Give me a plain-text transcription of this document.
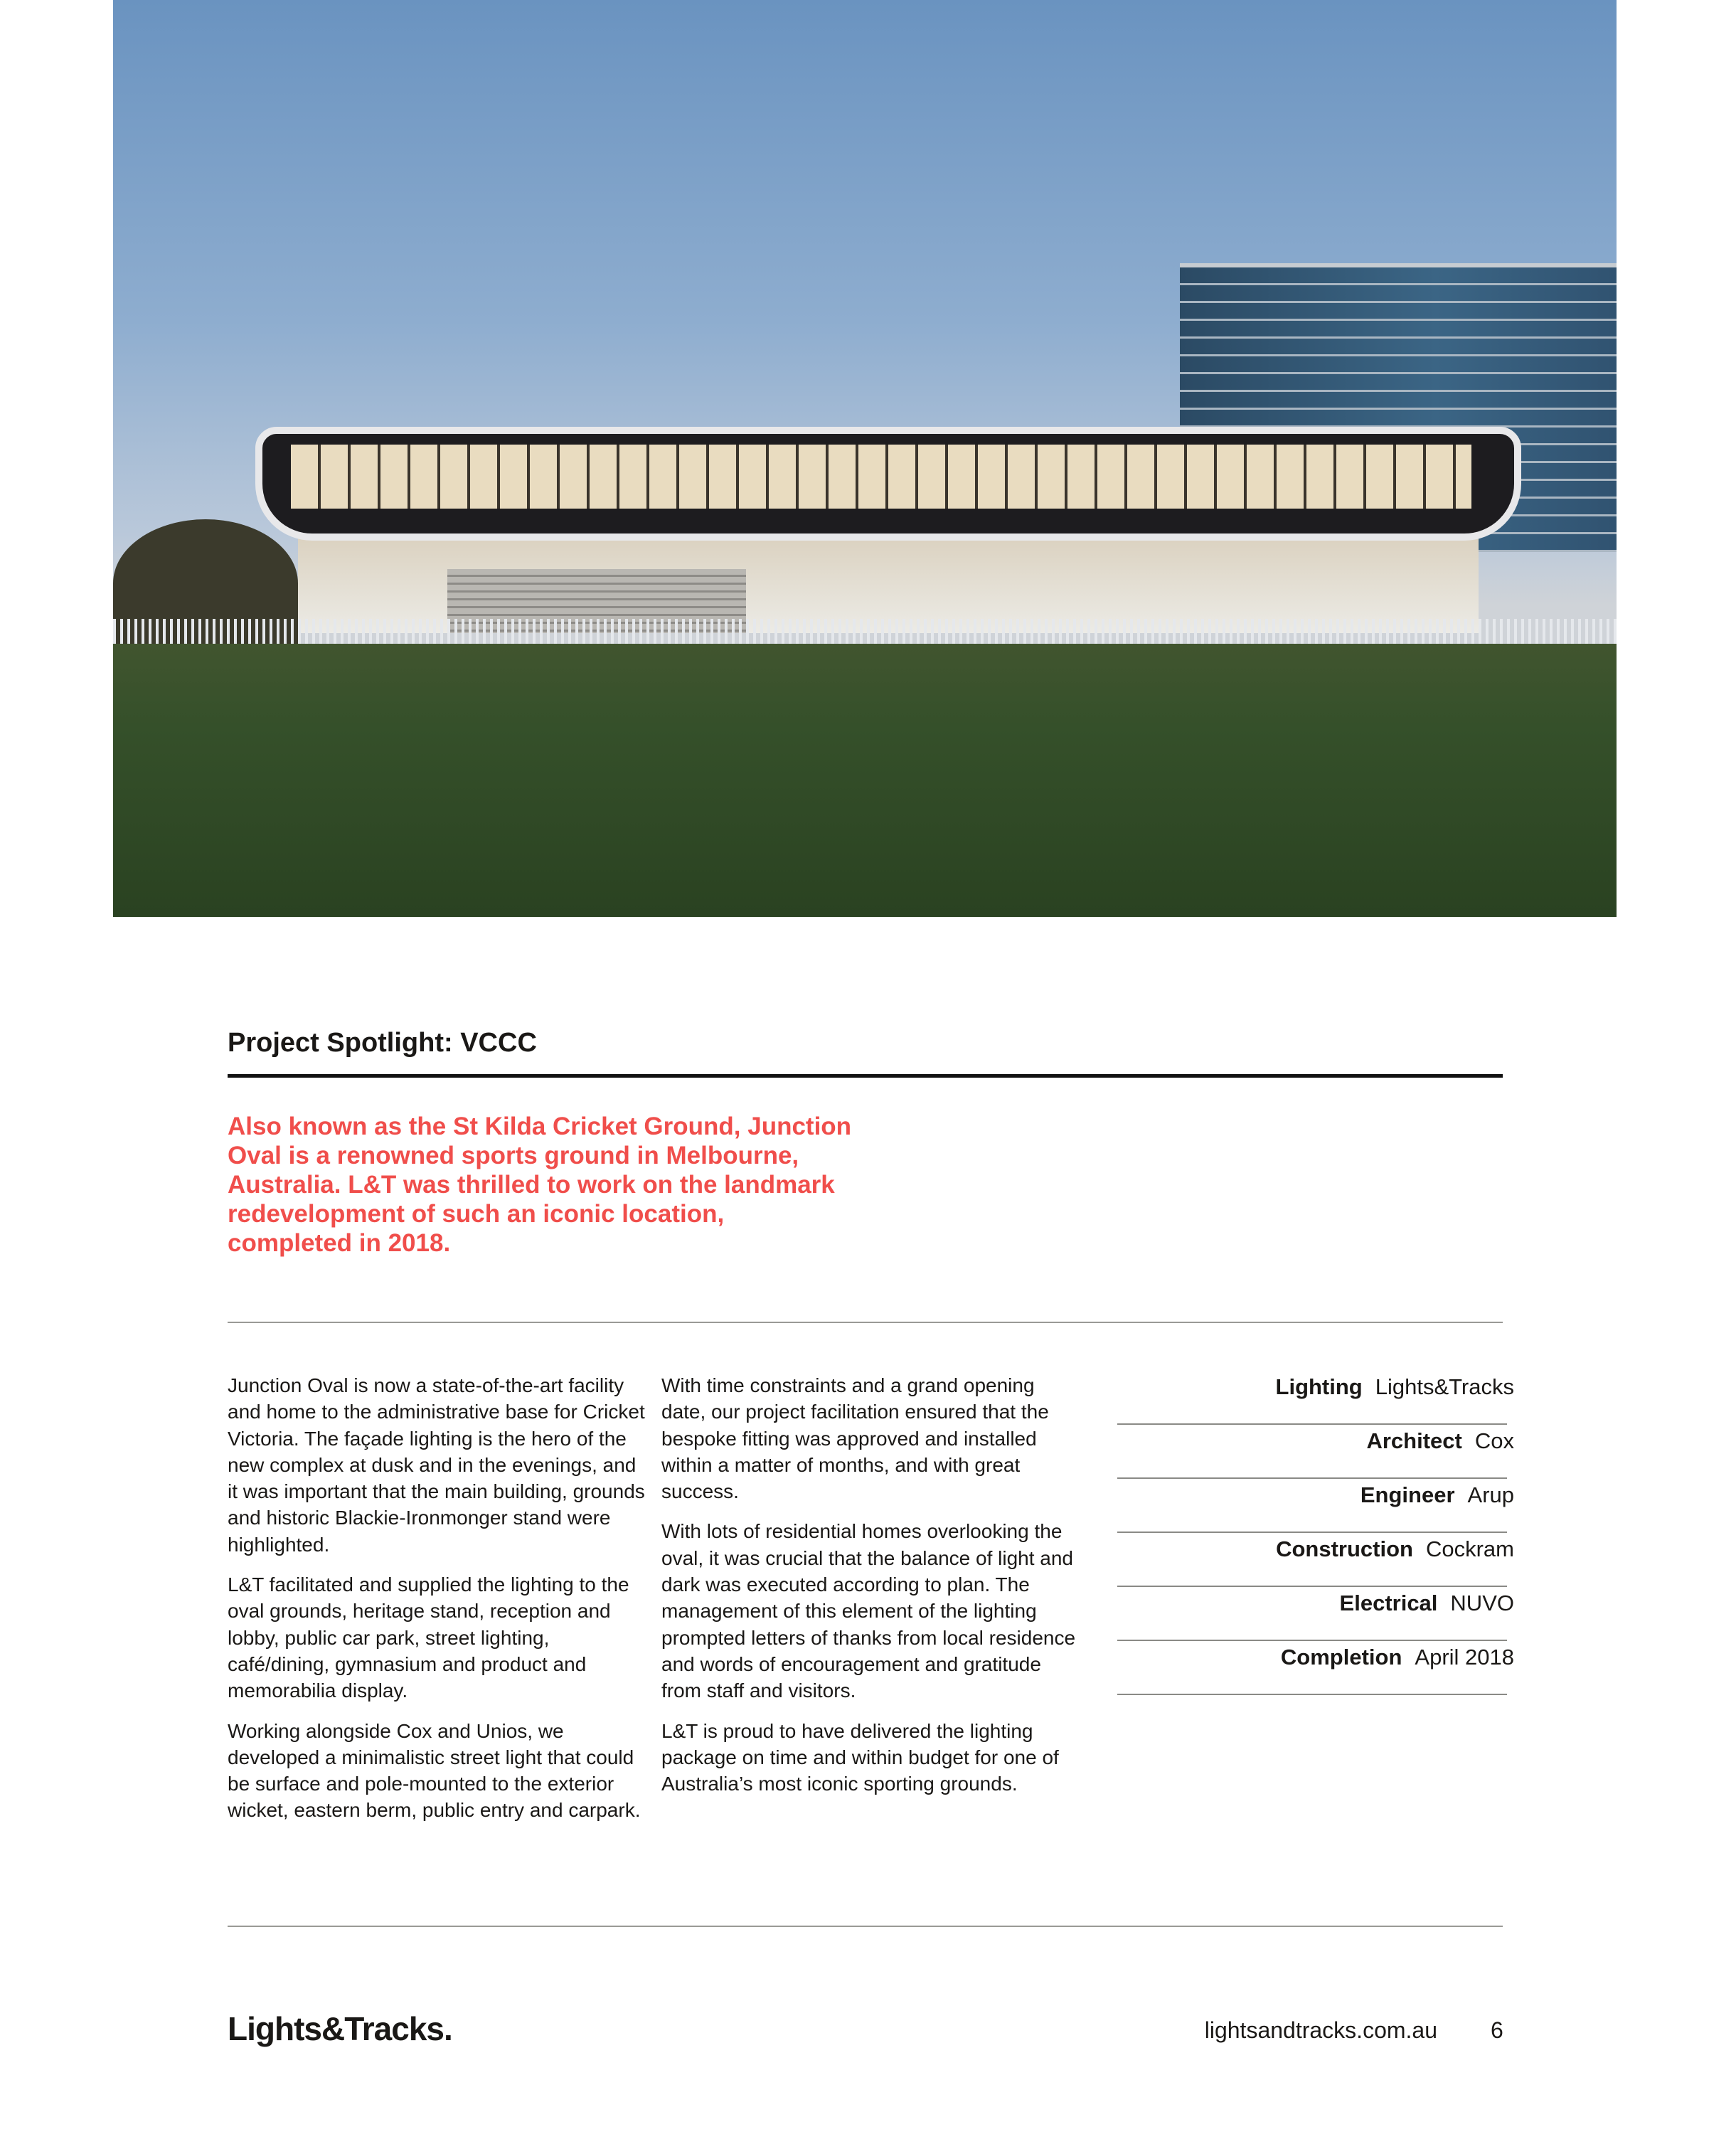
Project Spotlight: VCCC
Also known as the St Kilda Cricket Ground, Junction Oval is a renowned sports ground in Melbourne, Australia. L&T was thrilled to work on the landmark redevelopment of such an iconic location, completed in 2018.

Junction Oval is now a state-of-the-art facility and home to the administrative base for Cricket Victoria. The façade lighting is the hero of the new complex at dusk and in the evenings, and it was important that the main building, grounds and historic Blackie-Ironmonger stand were highlighted.

L&T facilitated and supplied the lighting to the oval grounds, heritage stand, reception and lobby, public car park, street lighting, café/dining, gymnasium and product and memorabilia display.

Working alongside Cox and Unios, we developed a minimalistic street light that could be surface and pole-mounted to the exterior wicket, eastern berm, public entry and carpark.

With time constraints and a grand opening date, our project facilitation ensured that the bespoke fitting was approved and installed within a matter of months, and with great success.

With lots of residential homes overlooking the oval, it was crucial that the balance of light and dark was executed according to plan. The management of this element of the lighting prompted letters of thanks from local residence and words of encouragement and gratitude from staff and visitors.

L&T is proud to have delivered the lighting package on time and within budget for one of Australia’s most iconic sporting grounds.

Lighting Lights&Tracks
Architect Cox
Engineer Arup
Construction Cockram
Electrical NUVO
Completion April 2018
Lights&Tracks.	lightsandtracks.com.au 6
